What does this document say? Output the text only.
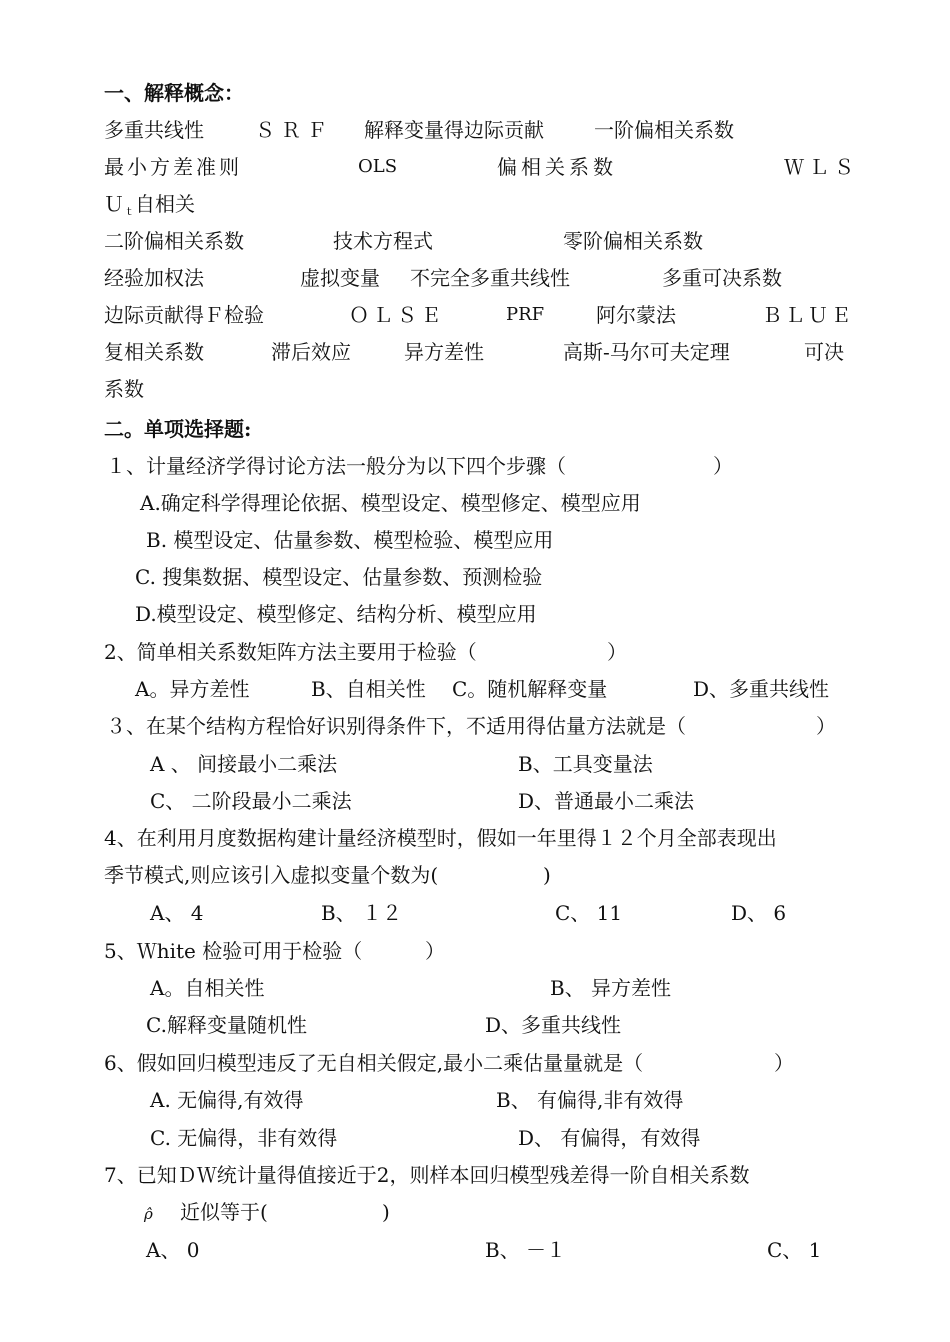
一、解释概念：
多重共线性	ＳＲＦ 解释变量得边际贡献	一阶偏相关系数
最小方差准则	OLS	偏相关系数	ＷＬＳ
Ｕ$_t$自相关
二阶偏相关系数	技术方程式	零阶偏相关系数
经验加权法	虚拟变量 不完全多重共线性	多重可决系数
边际贡献得Ｆ检验	ＯＬＳＥ	PRF	阿尔蒙法	ＢＬＵＥ
复相关系数	滞后效应	异方差性	高斯-马尔可夫定理	可决
系数
二。单项选择题:
１、计量经济学得讨论方法一般分为以下四个步骤（	）
A.确定科学得理论依据、模型设定、模型修定、模型应用
B. 模型设定、估量参数、模型检验、模型应用
C. 搜集数据、模型设定、估量参数、预测检验
D.模型设定、模型修定、结构分析、模型应用
2、简单相关系数矩阵方法主要用于检验（	）
A。异方差性	B、自相关性 C。随机解释变量	D、多重共线性
３、在某个结构方程恰好识别得条件下，不适用得估量方法就是（	）
A 、 间接最小二乘法	B、工具变量法
C、 二阶段最小二乘法	D、普通最小二乘法
4、在利用月度数据构建计量经济模型时，假如一年里得１２个月全部表现出
季节模式,则应该引入虚拟变量个数为(	)
A、 4	B、 １２	C、 11	D、 6
5、Ｗhite 检验可用于检验（	）
A。自相关性	B、 异方差性
C.解释变量随机性	D、多重共线性
6、假如回归模型违反了无自相关假定,最小二乘估量量就是（	）
A. 无偏得,有效得	B、 有偏得,非有效得
C. 无偏得，非有效得	D、 有偏得，有效得
7、已知ＤＷ统计量得值接近于2，则样本回归模型残差得一阶自相关系数
ρ̂ 近似等于(	)
A、 0	B、 －１	C、 1
